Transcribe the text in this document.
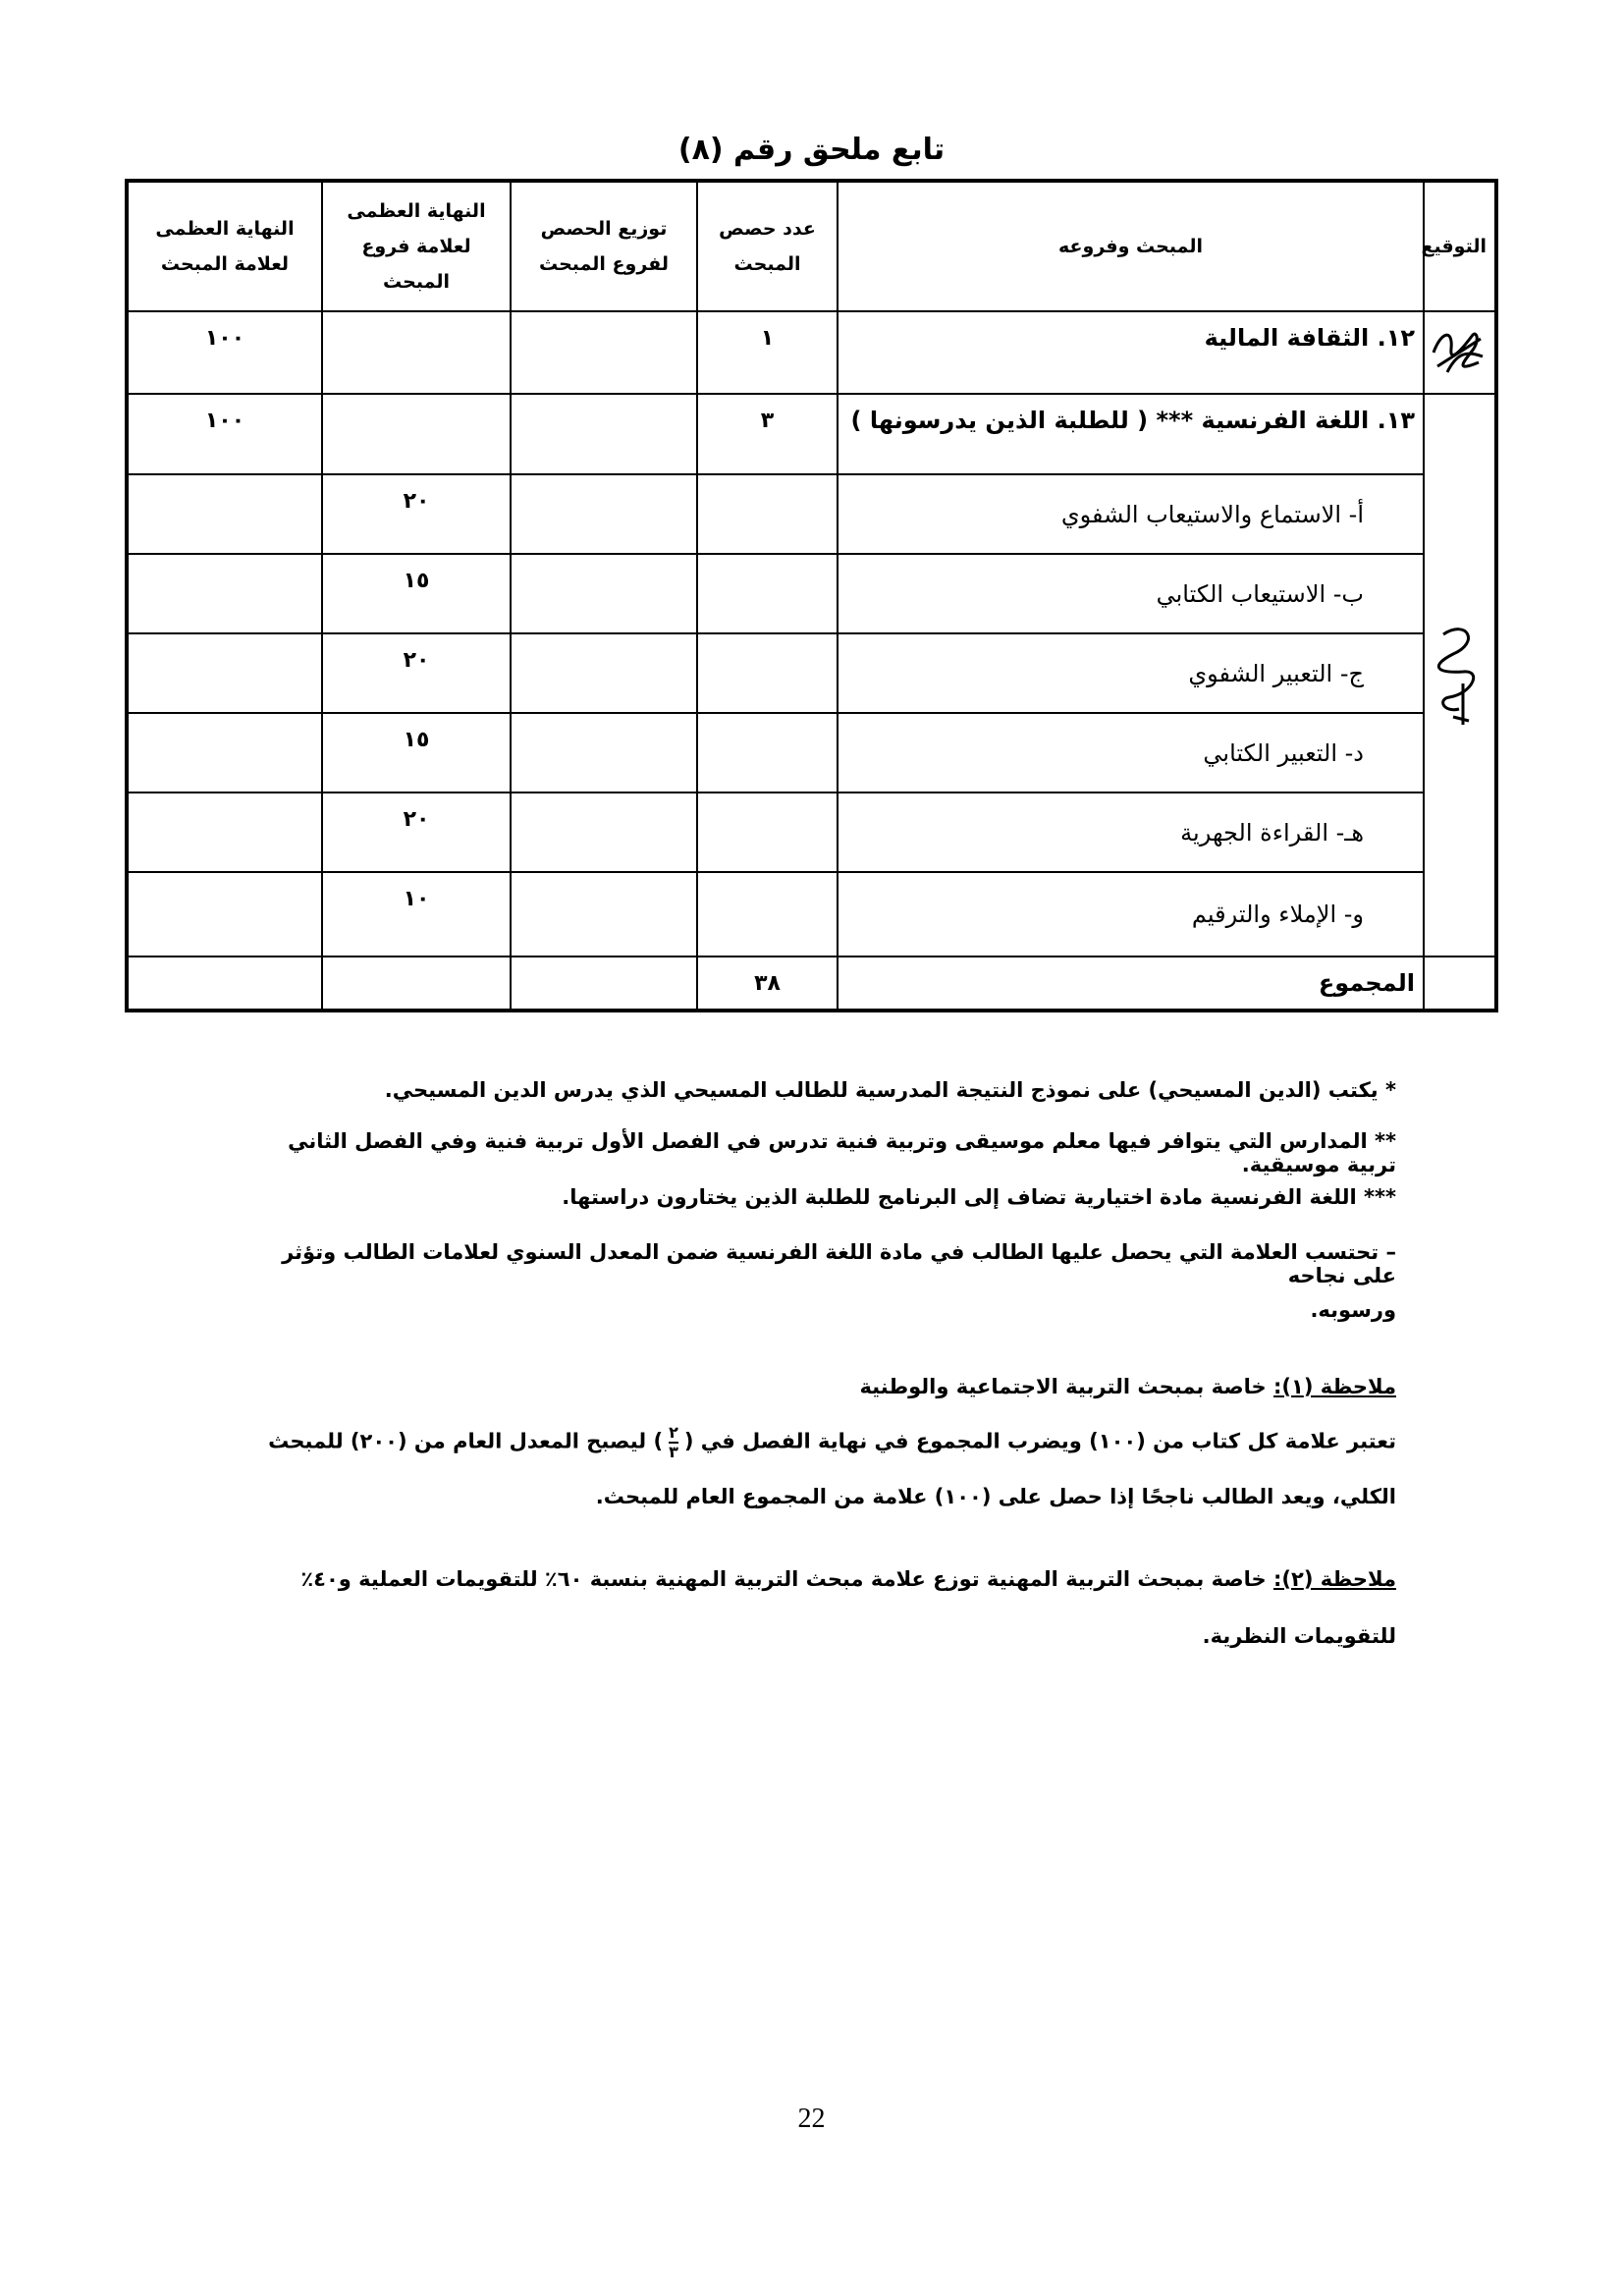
تابع ملحق رقم (٨)
التوقيع	المبحث وفروعه	عدد حصص المبحث	توزيع الحصص لفروع المبحث	النهاية العظمى لعلامة فروع المبحث	النهاية العظمى لعلامة المبحث
	١٢. الثقافة المالية	١			١٠٠
	١٣. اللغة الفرنسية *** ( للطلبة الذين يدرسونها )	٣			١٠٠
	أ- الاستماع والاستيعاب الشفوي			٢٠	
	ب- الاستيعاب الكتابي			١٥	
	ج- التعبير الشفوي			٢٠	
	د- التعبير الكتابي			١٥	
	هـ- القراءة الجهرية			٢٠	
	و- الإملاء والترقيم			١٠	
	المجموع	٣٨			
* يكتب (الدين المسيحي) على نموذج النتيجة المدرسية للطالب المسيحي الذي يدرس الدين المسيحي.
** المدارس التي يتوافر فيها معلم موسيقى وتربية فنية تدرس في الفصل الأول تربية فنية وفي الفصل الثاني تربية موسيقية.
*** اللغة الفرنسية مادة اختيارية تضاف إلى البرنامج للطلبة الذين يختارون دراستها.
– تحتسب العلامة التي يحصل عليها الطالب في مادة اللغة الفرنسية ضمن المعدل السنوي لعلامات الطالب وتؤثر على نجاحه
ورسوبه.
ملاحظة (١): خاصة بمبحث التربية الاجتماعية والوطنية
تعتبر علامة كل كتاب من (١٠٠) ويضرب المجموع في نهاية الفصل في (
$\frac{٢}{٣}$
) ليصبح المعدل العام من (٢٠٠) للمبحث
الكلي، ويعد الطالب ناجحًا إذا حصل على (١٠٠) علامة من المجموع العام للمبحث.
ملاحظة (٢): خاصة بمبحث التربية المهنية توزع علامة مبحث التربية المهنية بنسبة ٦٠٪ للتقويمات العملية و٤٠٪
للتقويمات النظرية.
22
